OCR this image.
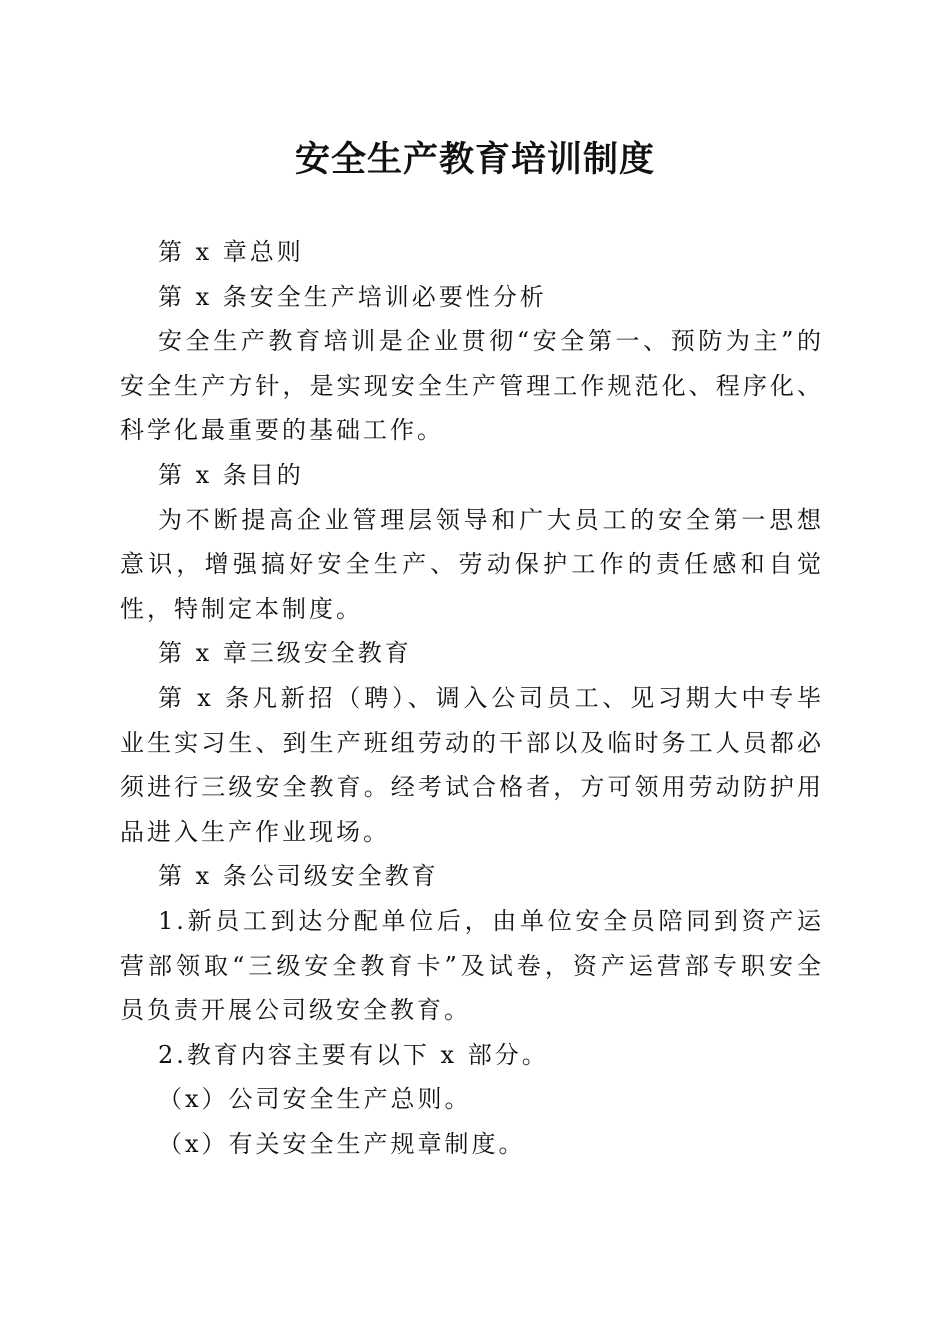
安全生产教育培训制度

第 x 章总则

第 x 条安全生产培训必要性分析

安全生产教育培训是企业贯彻“安全第一、预防为主”的安全生产方针，是实现安全生产管理工作规范化、程序化、科学化最重要的基础工作。

第 x 条目的

为不断提高企业管理层领导和广大员工的安全第一思想意识，增强搞好安全生产、劳动保护工作的责任感和自觉性，特制定本制度。

第 x 章三级安全教育

第 x 条凡新招（聘）、调入公司员工、见习期大中专毕业生实习生、到生产班组劳动的干部以及临时务工人员都必须进行三级安全教育。经考试合格者，方可领用劳动防护用品进入生产作业现场。

第 x 条公司级安全教育

1.新员工到达分配单位后，由单位安全员陪同到资产运营部领取“三级安全教育卡”及试卷，资产运营部专职安全员负责开展公司级安全教育。

2.教育内容主要有以下 x 部分。

（x）公司安全生产总则。

（x）有关安全生产规章制度。
